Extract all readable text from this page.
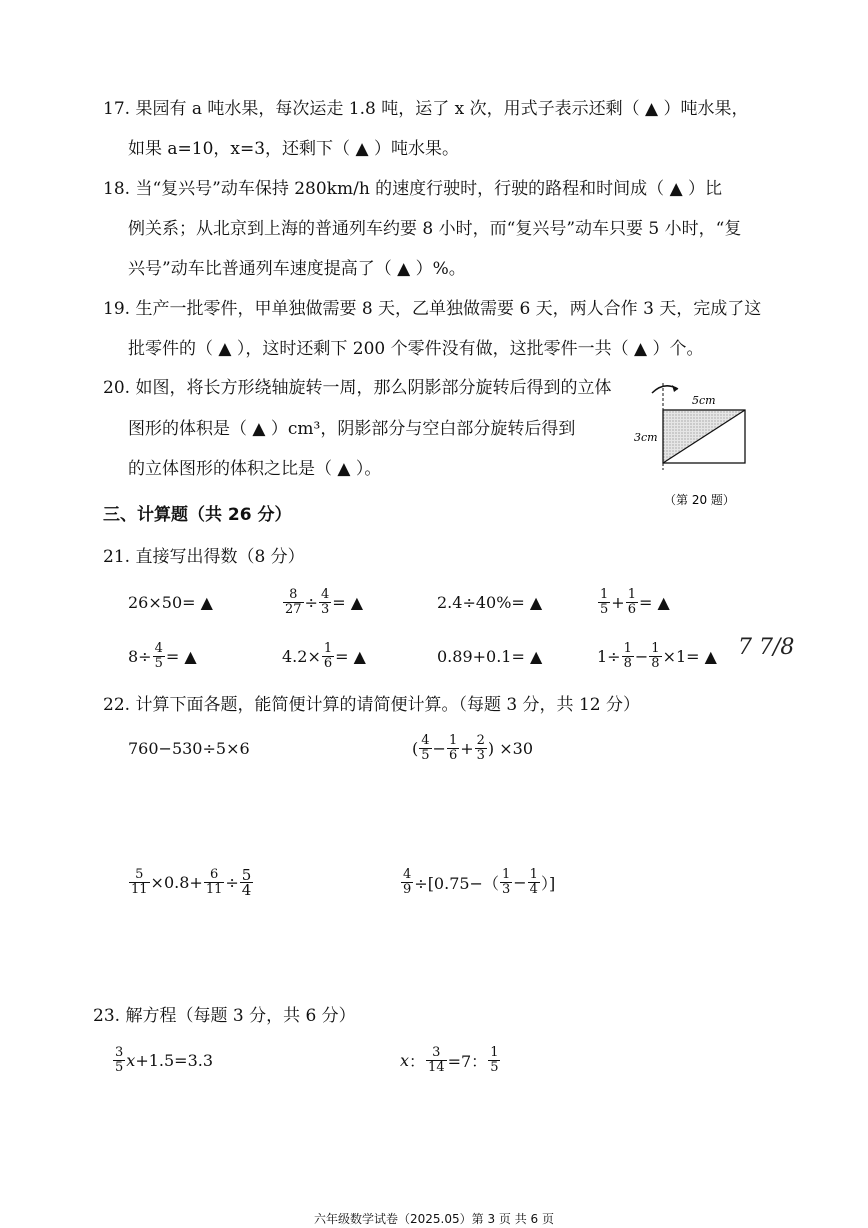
17. 果园有 a 吨水果，每次运走 1.8 吨，运了 x 次，用式子表示还剩（ ▲ ）吨水果，
如果 a=10，x=3，还剩下（ ▲ ）吨水果。
18. 当“复兴号”动车保持 280km/h 的速度行驶时，行驶的路程和时间成（ ▲ ）比
例关系；从北京到上海的普通列车约要 8 小时，而“复兴号”动车只要 5 小时，“复
兴号”动车比普通列车速度提高了（ ▲ ）%。
19. 生产一批零件，甲单独做需要 8 天，乙单独做需要 6 天，两人合作 3 天，完成了这
批零件的（ ▲ ），这时还剩下 200 个零件没有做，这批零件一共（ ▲ ）个。
20. 如图，将长方形绕轴旋转一周，那么阴影部分旋转后得到的立体
图形的体积是（ ▲ ）cm³，阴影部分与空白部分旋转后得到
的立体图形的体积之比是（ ▲ ）。
5cm
3cm
（第 20 题）
三、计算题（共 26 分）
21. 直接写出得数（8 分）
26×50= ▲	$\frac{8}{27} \div \frac{4}{3}$ = ▲	2.4÷40%= ▲	$\frac{1}{5} + \frac{1}{6}$ = ▲
$8\div \frac{4}{5}$ = ▲	$4.2\times \frac{1}{6}$ = ▲	0.89+0.1= ▲	$1\div \frac{1}{8} - \frac{1}{8} \times 1=$ ▲ 7 7/8
22. 计算下面各题，能简便计算的请简便计算。（每题 3 分，共 12 分）
760−530÷5×6	( $\frac{4}{5} - \frac{1}{6} + \frac{2}{3}$ ) ×30
$\frac{5}{11} \times 0.8+ \frac{6}{11} \div \frac{5}{4}$	$\frac{4}{9} \div[0.75-( \frac{1}{3} - \frac{1}{4}$ ）]
23. 解方程（每题 3 分，共 6 分）
$\frac{3}{5}$ x +1.5=3.3	x ： $\frac{3}{14} =7$： $\frac{1}{5}$
六年级数学试卷（2025.05）第 3 页 共 6 页
